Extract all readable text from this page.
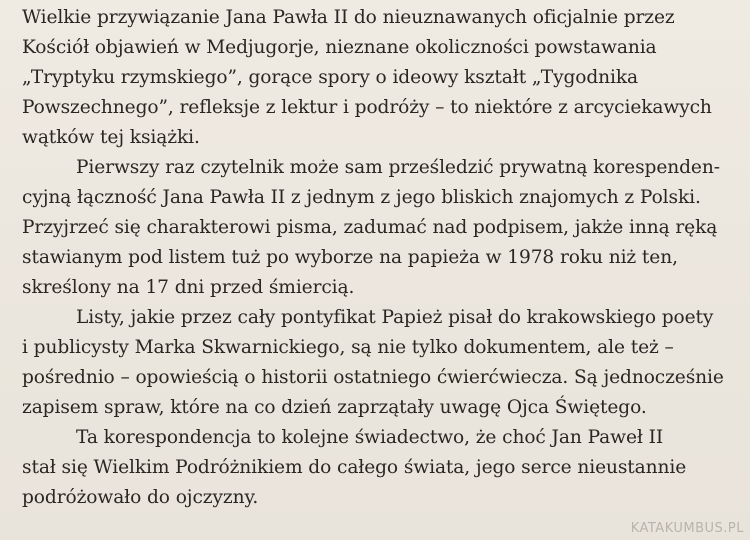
Wielkie przywiązanie Jana Pawła II do nieuznawanych oficjalnie przez
Kościół objawień w Medjugorje, nieznane okoliczności powstawania
„Tryptyku rzymskiego”, gorące spory o ideowy kształt „Tygodnika
Powszechnego”, refleksje z lektur i podróży – to niektóre z arcyciekawych
wątków tej książki.
Pierwszy raz czytelnik może sam prześledzić prywatną korespenden-
cyjną łączność Jana Pawła II z jednym z jego bliskich znajomych z Polski.
Przyjrzeć się charakterowi pisma, zadumać nad podpisem, jakże inną ręką
stawianym pod listem tuż po wyborze na papieża w 1978 roku niż ten,
skreślony na 17 dni przed śmiercią.
Listy, jakie przez cały pontyfikat Papież pisał do krakowskiego poety
i publicysty Marka Skwarnickiego, są nie tylko dokumentem, ale też –
pośrednio – opowieścią o historii ostatniego ćwierćwiecza. Są jednocześnie
zapisem spraw, które na co dzień zaprzątały uwagę Ojca Świętego.
Ta korespondencja to kolejne świadectwo, że choć Jan Paweł II
stał się Wielkim Podróżnikiem do całego świata, jego serce nieustannie
podróżowało do ojczyzny.
KATAKUMBUS.PL
